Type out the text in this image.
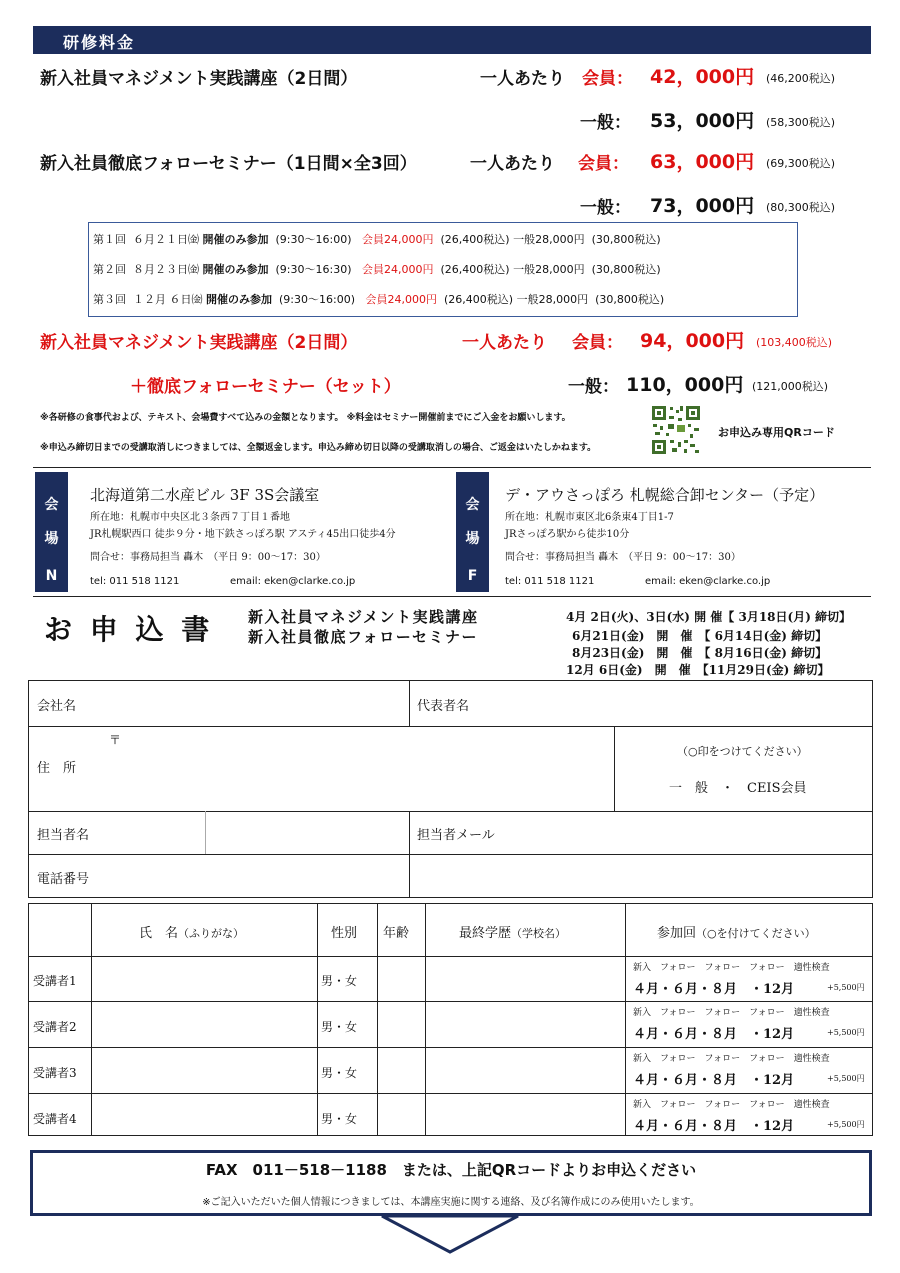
研修料金
新入社員マネジメント実践講座（2日間）	一人あたり 会員： 42，000円 (46,200税込)
一般： 53，000円 (58,300税込)
新入社員徹底フォローセミナー（1日間×全3回）	一人あたり 会員： 63，000円 (69,300税込)
一般： 73，000円 (80,300税込)
第１回 ６月２１日㈮ 開催のみ参加 (9:30～16:00) 会員24,000円 (26,400税込) 一般28,000円 (30,800税込)
第２回 ８月２３日㈮ 開催のみ参加 (9:30～16:30) 会員24,000円 (26,400税込) 一般28,000円 (30,800税込)
第３回 １２月 ６日㈮ 開催のみ参加 (9:30～16:00) 会員24,000円 (26,400税込) 一般28,000円 (30,800税込)
新入社員マネジメント実践講座（2日間）	一人あたり 会員： 94，000円 (103,400税込)
＋徹底フォローセミナー（セット）	一般： 110，000円 (121,000税込)
※各研修の食事代および、テキスト、会場費すべて込みの金額となります。 ※料金はセミナー開催前までにご入金をお願いします。
※申込み締切日までの受講取消しにつきましては、全額返金します。申込み締め切日以降の受講取消しの場合、ご返金はいたしかねます。
お申込み専用QRコード
会
場
N
北海道第二水産ビル 3F 3S会議室
所在地：札幌市中央区北３条西７丁目１番地
JR札幌駅西口 徒歩９分・地下鉄さっぽろ駅 アスティ45出口徒歩4分
問合せ：事務局担当 轟木　（平日 9：00～17：30）
tel: 011 518 1121	email: eken@clarke.co.jp
会
場
F
デ・アウさっぽろ 札幌総合卸センター（予定）
所在地：札幌市東区北6条東4丁目1-7
JRさっぽろ駅から徒歩10分
問合せ：事務局担当 轟木　（平日 9：00～17：30）
tel: 011 518 1121	email: eken@clarke.co.jp
お 申 込 書 新入社員マネジメント実践講座
新入社員徹底フォローセミナー
4月 2日(火)、3日(水) 開 催【 3月18日(月) 締切】
6月21日(金)　開　催　【 6月14日(金) 締切】
8月23日(金)　開　催　【 8月16日(金) 締切】
12月 6日(金)　開　催　【11月29日(金) 締切】
会社名	代表者名
〒
住　所
（○印をつけてください）
一　般　・　CEIS会員
担当者名	担当者メール
電話番号
氏　名（ふりがな）	性別 年齢	最終学歴（学校名）	参加回（○を付けてください）
受講者1	男・女
新入　フォロー　フォロー　フォロー　適性検査
４月・６月・８月　・12月	+5,500円
受講者2	男・女
新入　フォロー　フォロー　フォロー　適性検査
４月・６月・８月　・12月	+5,500円
受講者3	男・女
新入　フォロー　フォロー　フォロー　適性検査
４月・６月・８月　・12月	+5,500円
受講者4	男・女
新入　フォロー　フォロー　フォロー　適性検査
４月・６月・８月　・12月	+5,500円
FAX　011－518－1188　または、上記QRコードよりお申込ください
※ご記入いただいた個人情報につきましては、本講座実施に関する連絡、及び名簿作成にのみ使用いたします。
